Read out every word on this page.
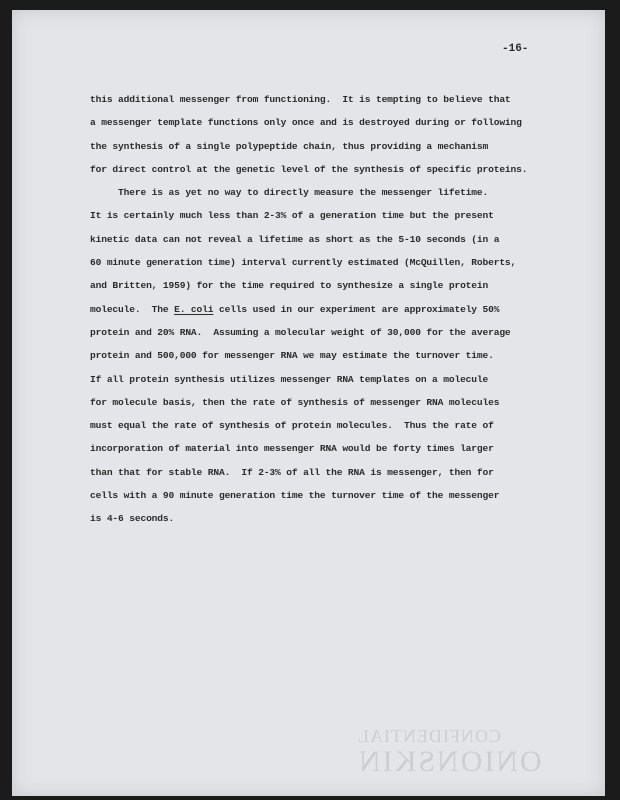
-16-
this additional messenger from functioning.  It is tempting to believe that
a messenger template functions only once and is destroyed during or following
the synthesis of a single polypeptide chain, thus providing a mechanism
for direct control at the genetic level of the synthesis of specific proteins.
There is as yet no way to directly measure the messenger lifetime.
It is certainly much less than 2-3% of a generation time but the present
kinetic data can not reveal a lifetime as short as the 5-10 seconds (in a
60 minute generation time) interval currently estimated (McQuillen, Roberts,
and Britten, 1959) for the time required to synthesize a single protein
molecule.  The E. coli cells used in our experiment are approximately 50%
protein and 20% RNA.  Assuming a molecular weight of 30,000 for the average
protein and 500,000 for messenger RNA we may estimate the turnover time.
If all protein synthesis utilizes messenger RNA templates on a molecule
for molecule basis, then the rate of synthesis of messenger RNA molecules
must equal the rate of synthesis of protein molecules.  Thus the rate of
incorporation of material into messenger RNA would be forty times larger
than that for stable RNA.  If 2-3% of all the RNA is messenger, then for
cells with a 90 minute generation time the turnover time of the messenger
is 4-6 seconds.
CONFIDENTIAL
ONIONSKIN
